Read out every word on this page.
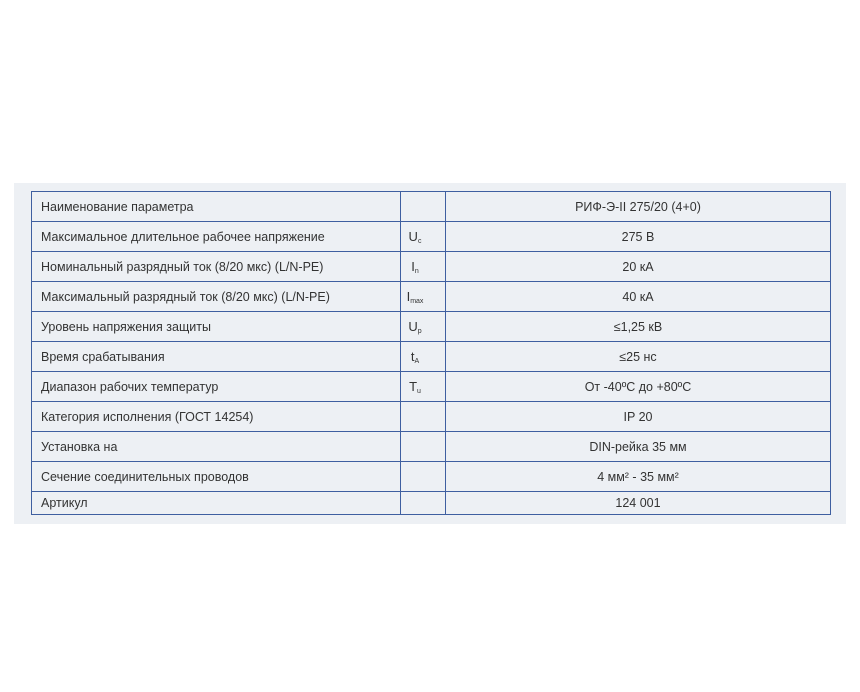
Наименование параметра		РИФ-Э-II 275/20 (4+0)
Максимальное длительное рабочее напряжение	$U_c$	275 В
Номинальный разрядный ток (8/20 мкс) (L/N-PE)	$I_n$	20 кА
Максимальный разрядный ток (8/20 мкс) (L/N-PE)	$I_{max}$	40 кА
Уровень напряжения защиты	$U_p$	≤1,25 кВ
Время срабатывания	$t_A$	≤25 нс
Диапазон рабочих температур	$T_u$	От -40ºC до +80ºC
Категория исполнения (ГОСТ 14254)		IP 20
Установка на		DIN-рейка 35 мм
Сечение соединительных проводов		4 мм² - 35 мм²
Артикул		124 001
